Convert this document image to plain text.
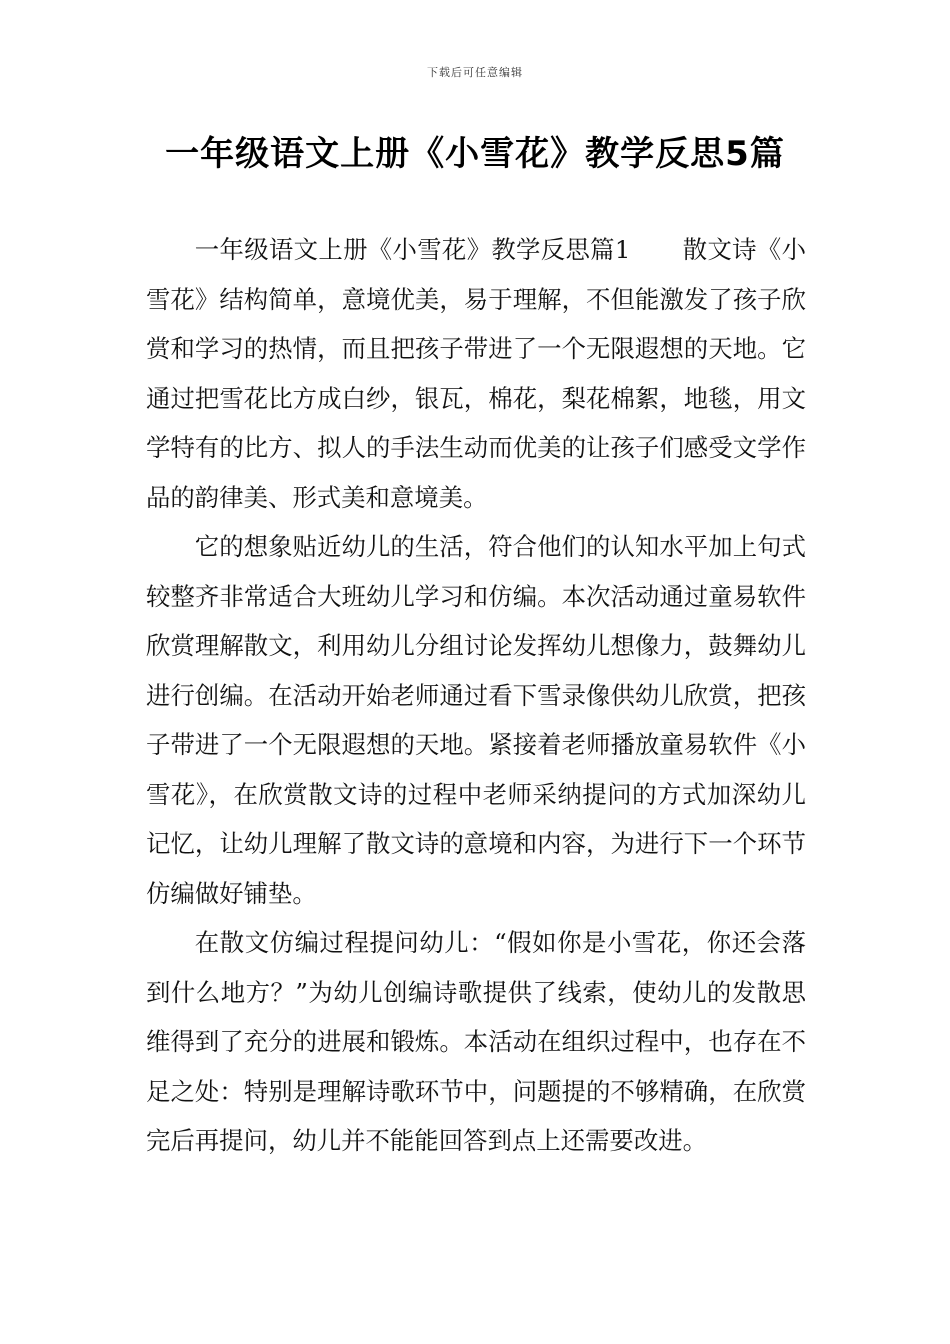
下载后可任意编辑
一年级语文上册《小雪花》教学反思5篇

一年级语文上册《小雪花》教学反思篇1 散文诗《小雪花》结构简单，意境优美，易于理解，不但能激发了孩子欣赏和学习的热情，而且把孩子带进了一个无限遐想的天地。它通过把雪花比方成白纱，银瓦，棉花，梨花棉絮，地毯，用文学特有的比方、拟人的手法生动而优美的让孩子们感受文学作品的韵律美、形式美和意境美。

它的想象贴近幼儿的生活，符合他们的认知水平加上句式较整齐非常适合大班幼儿学习和仿编。本次活动通过童易软件欣赏理解散文，利用幼儿分组讨论发挥幼儿想像力，鼓舞幼儿进行创编。在活动开始老师通过看下雪录像供幼儿欣赏，把孩子带进了一个无限遐想的天地。紧接着老师播放童易软件《小雪花》，在欣赏散文诗的过程中老师采纳提问的方式加深幼儿记忆，让幼儿理解了散文诗的意境和内容，为进行下一个环节仿编做好铺垫。

在散文仿编过程提问幼儿：“假如你是小雪花，你还会落到什么地方？”为幼儿创编诗歌提供了线索，使幼儿的发散思维得到了充分的进展和锻炼。本活动在组织过程中，也存在不足之处：特别是理解诗歌环节中，问题提的不够精确，在欣赏完后再提问，幼儿并不能能回答到点上还需要改进。
